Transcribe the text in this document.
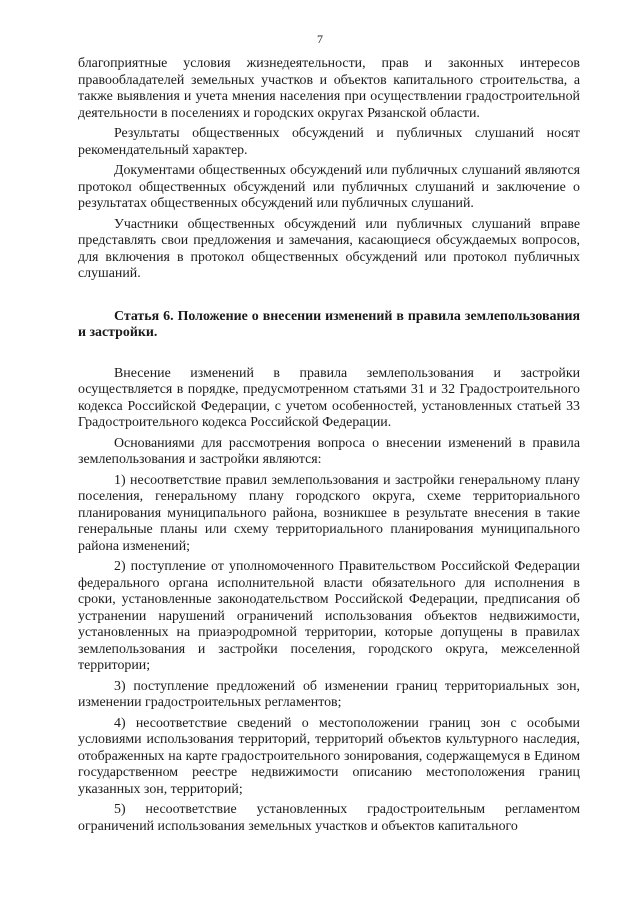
7

благоприятные условия жизнедеятельности, прав и законных интересов правообладателей земельных участков и объектов капитального строительства, а также выявления и учета мнения населения при осуществлении градостроительной деятельности в поселениях и городских округах Рязанской области.

Результаты общественных обсуждений и публичных слушаний носят рекомендательный характер.

Документами общественных обсуждений или публичных слушаний являются протокол общественных обсуждений или публичных слушаний и заключение о результатах общественных обсуждений или публичных слушаний.

Участники общественных обсуждений или публичных слушаний вправе представлять свои предложения и замечания, касающиеся обсуждаемых вопросов, для включения в протокол общественных обсуждений или протокол публичных слушаний.

Статья 6. Положение о внесении изменений в правила землепользования и застройки.

Внесение изменений в правила землепользования и застройки осуществляется в порядке, предусмотренном статьями 31 и 32 Градостроительного кодекса Российской Федерации, с учетом особенностей, установленных статьей 33 Градостроительного кодекса Российской Федерации.

Основаниями для рассмотрения вопроса о внесении изменений в правила землепользования и застройки являются:

1) несоответствие правил землепользования и застройки генеральному плану поселения, генеральному плану городского округа, схеме территориального планирования муниципального района, возникшее в результате внесения в такие генеральные планы или схему территориального планирования муниципального района изменений;

2) поступление от уполномоченного Правительством Российской Федерации федерального органа исполнительной власти обязательного для исполнения в сроки, установленные законодательством Российской Федерации, предписания об устранении нарушений ограничений использования объектов недвижимости, установленных на приаэродромной территории, которые допущены в правилах землепользования и застройки поселения, городского округа, межселенной территории;

3) поступление предложений об изменении границ территориальных зон, изменении градостроительных регламентов;

4) несоответствие сведений о местоположении границ зон с особыми условиями использования территорий, территорий объектов культурного наследия, отображенных на карте градостроительного зонирования, содержащемуся в Едином государственном реестре недвижимости описанию местоположения границ указанных зон, территорий;

5) несоответствие установленных градостроительным регламентом ограничений использования земельных участков и объектов капитального
